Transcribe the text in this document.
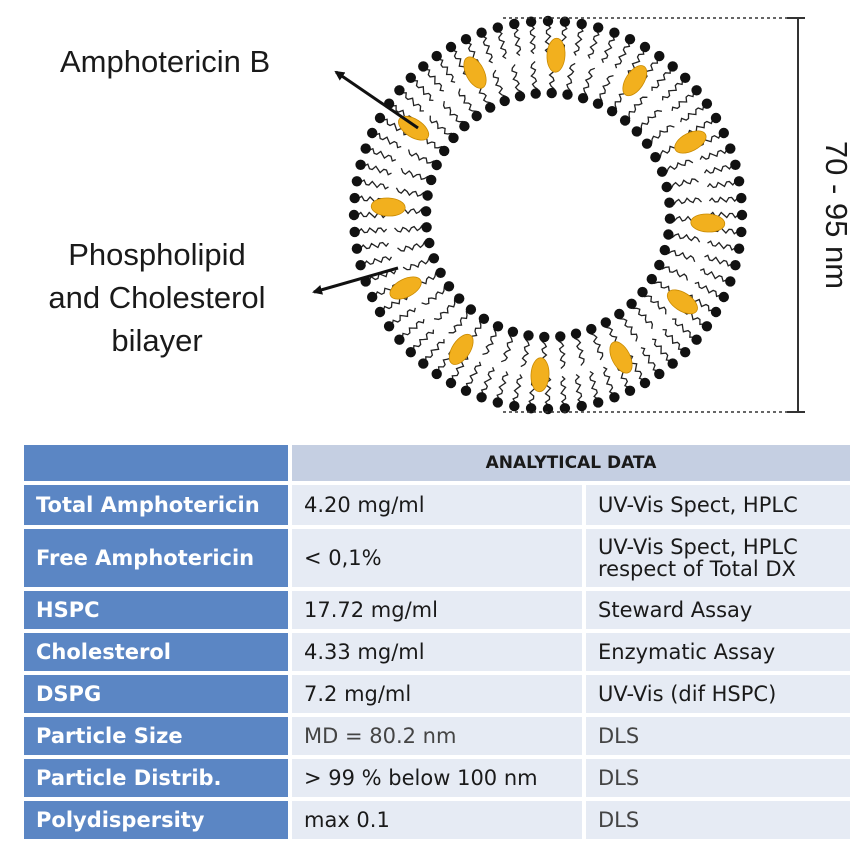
Amphotericin B
Phospholipid
and Cholesterol
bilayer
70 - 95 nm
	ANALYTICAL DATA	
Total Amphotericin	4.20 mg/ml	UV-Vis Spect, HPLC
Free Amphotericin	< 0,1%	UV-Vis Spect, HPLC
respect of Total DX

HSPC	17.72 mg/ml	Steward Assay
Cholesterol	4.33 mg/ml	Enzymatic Assay
DSPG	7.2 mg/ml	UV-Vis (dif HSPC)
Particle Size	MD = 80.2 nm	DLS
Particle Distrib.	> 99 % below 100 nm	DLS
Polydispersity	max 0.1	DLS
